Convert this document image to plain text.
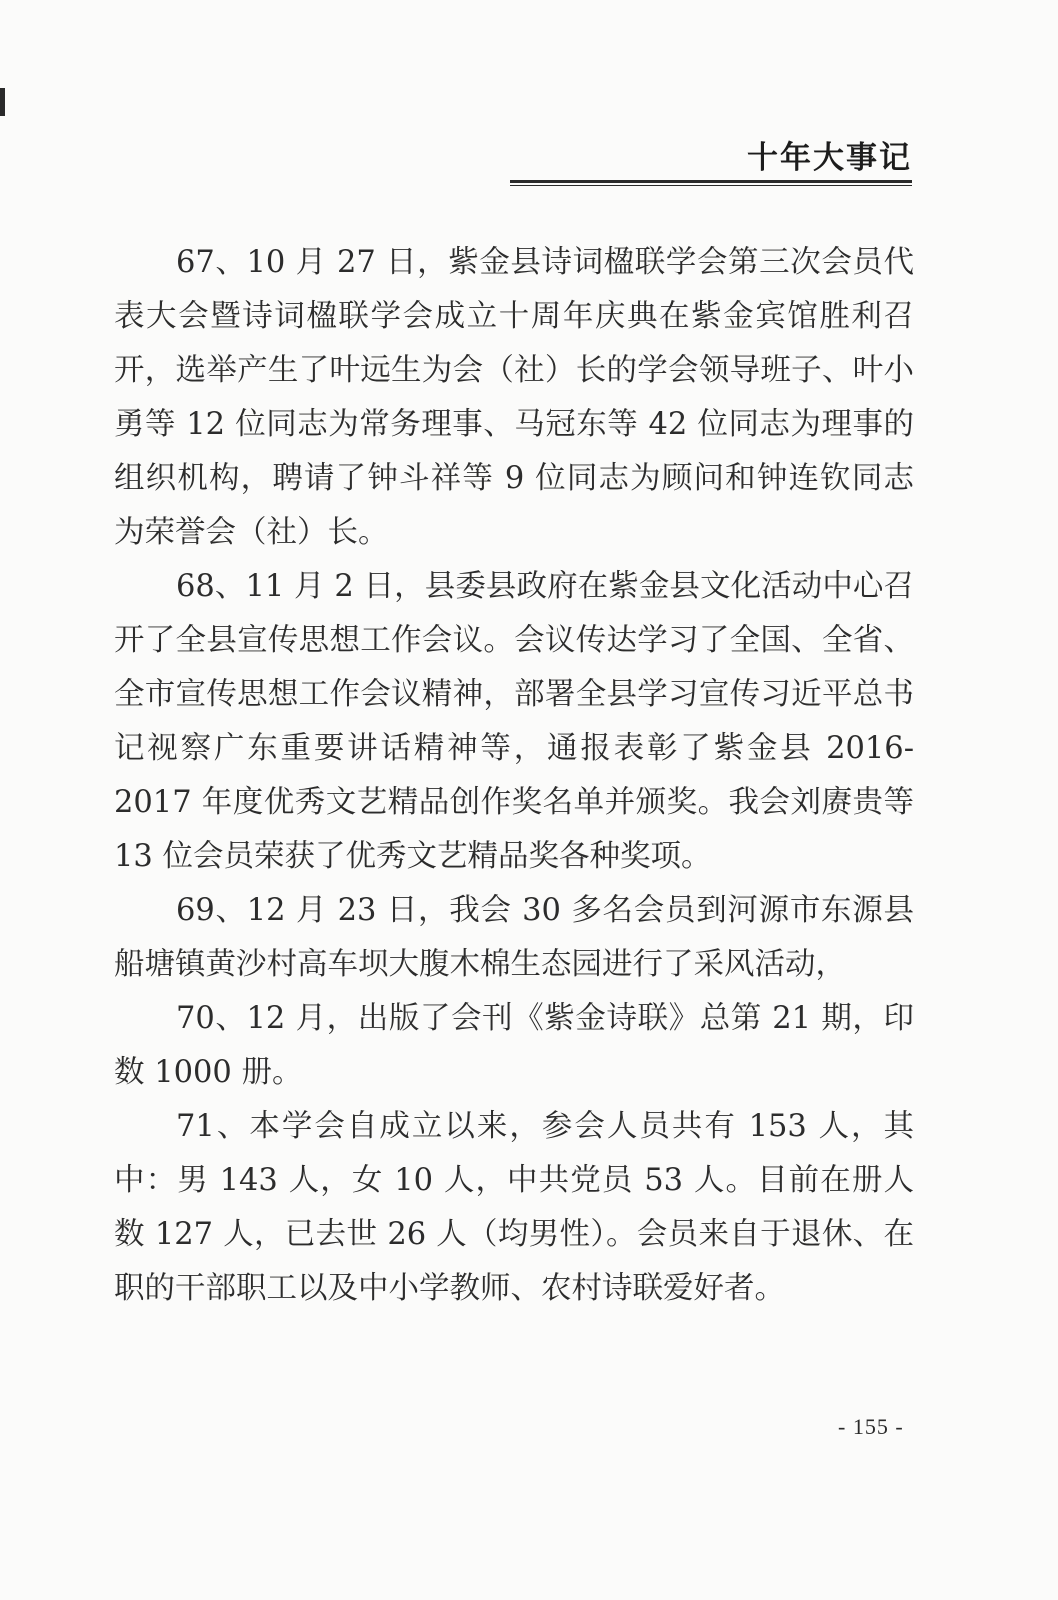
十年大事记

67、10 月 27 日，紫金县诗词楹联学会第三次会员代表大会暨诗词楹联学会成立十周年庆典在紫金宾馆胜利召开，选举产生了叶远生为会（社）长的学会领导班子、叶小勇等 12 位同志为常务理事、马冠东等 42 位同志为理事的组织机构，聘请了钟斗祥等 9 位同志为顾问和钟连钦同志为荣誉会（社）长。

68、11 月 2 日，县委县政府在紫金县文化活动中心召开了全县宣传思想工作会议。会议传达学习了全国、全省、全市宣传思想工作会议精神，部署全县学习宣传习近平总书记视察广东重要讲话精神等，通报表彰了紫金县 2016-2017 年度优秀文艺精品创作奖名单并颁奖。我会刘赓贵等 13 位会员荣获了优秀文艺精品奖各种奖项。

69、12 月 23 日，我会 30 多名会员到河源市东源县船塘镇黄沙村高车坝大腹木棉生态园进行了采风活动，

70、12 月，出版了会刊《紫金诗联》总第 21 期，印数 1000 册。

71、本学会自成立以来，参会人员共有 153 人，其中：男 143 人，女 10 人，中共党员 53 人。目前在册人数 127 人，已去世 26 人（均男性）。会员来自于退休、在职的干部职工以及中小学教师、农村诗联爱好者。

- 155 -
